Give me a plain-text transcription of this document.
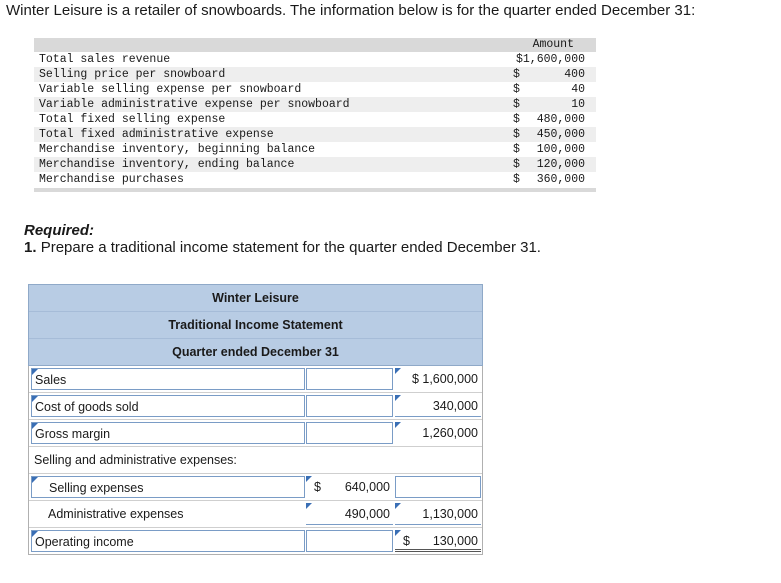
Winter Leisure is a retailer of snowboards. The information below is for the quarter ended December 31:
Amount
Total sales revenue	$1,600,000
Selling price per snowboard	$	400
Variable selling expense per snowboard	$	40
Variable administrative expense per snowboard	$	10
Total fixed selling expense	$ 480,000
Total fixed administrative expense	$ 450,000
Merchandise inventory, beginning balance	$ 100,000
Merchandise inventory, ending balance	$ 120,000
Merchandise purchases	$ 360,000
Required:
1. Prepare a traditional income statement for the quarter ended December 31.
Winter Leisure
Traditional Income Statement
Quarter ended December 31
Sales	$ 1,600,000
Cost of goods sold	340,000
Gross margin	1,260,000
Selling and administrative expenses:
Selling expenses	$ 640,000
Administrative expenses	490,000	1,130,000
Operating income	$ 130,000
